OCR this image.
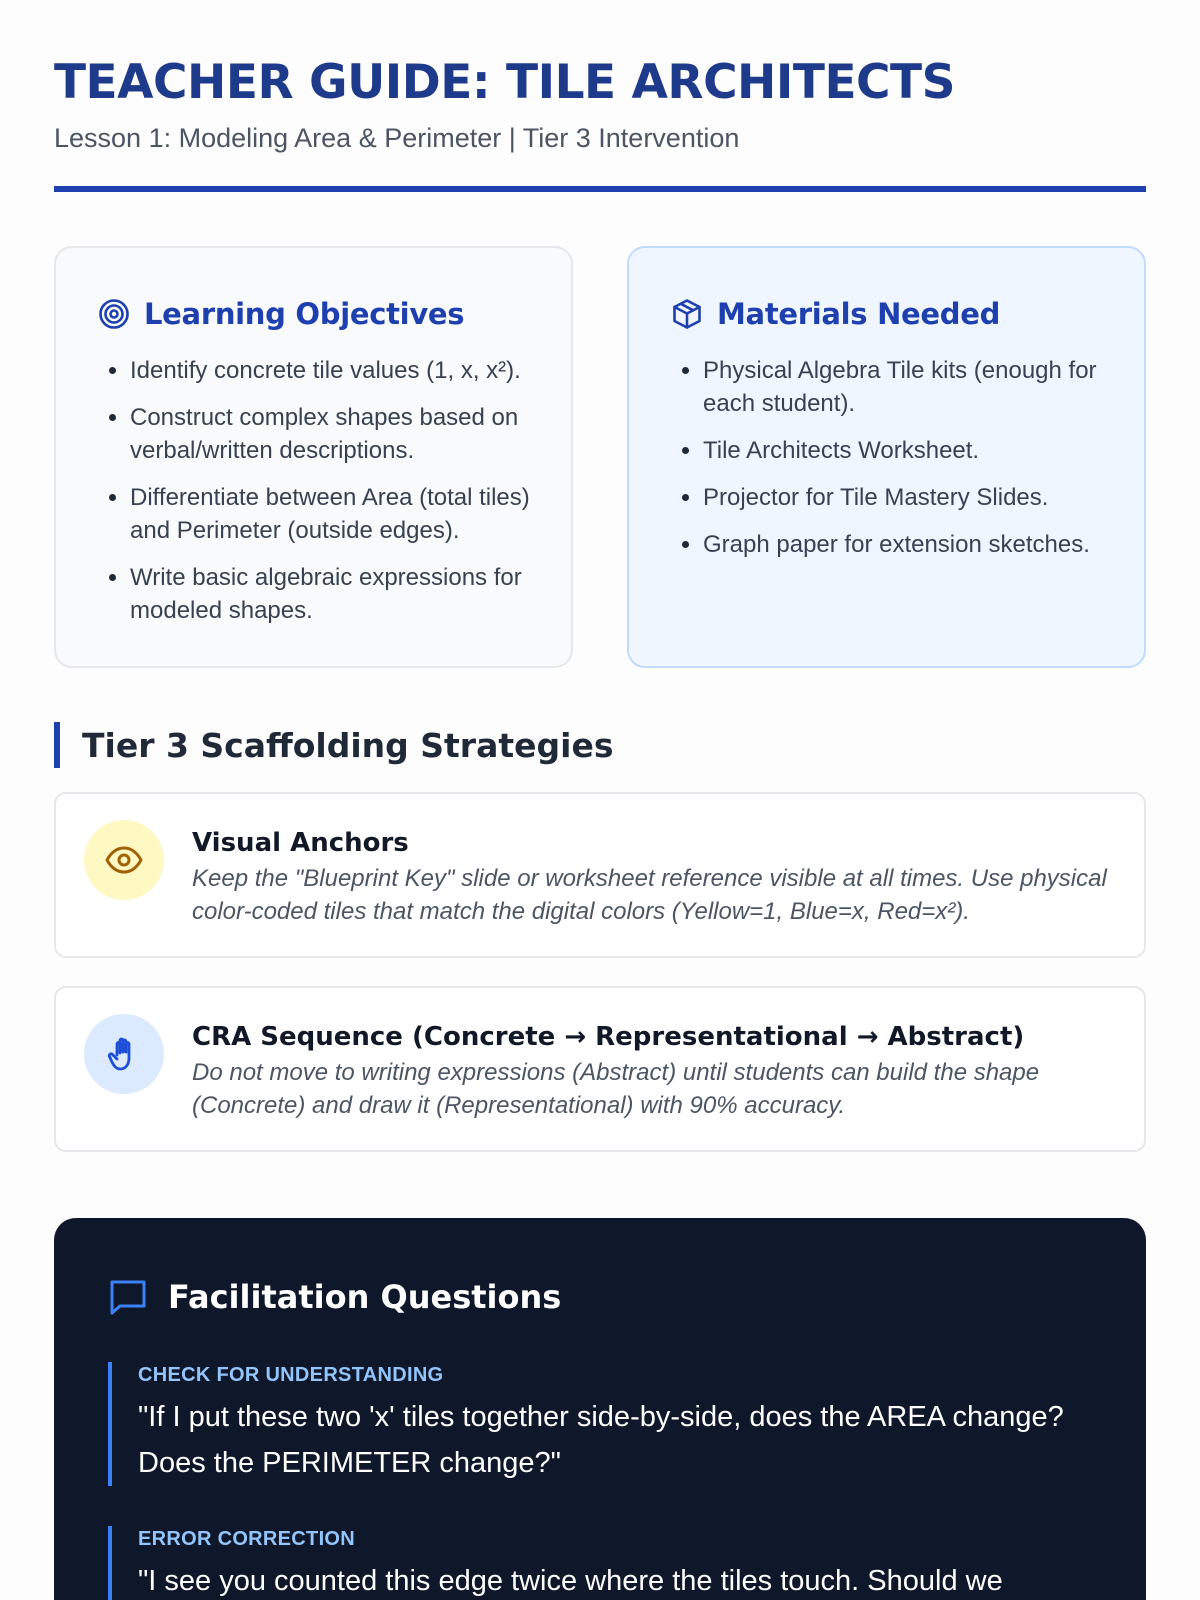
TEACHER GUIDE: TILE ARCHITECTS
Lesson 1: Modeling Area & Perimeter | Tier 3 Intervention
Learning Objectives
• Identify concrete tile values (1, x, x²).
• Construct complex shapes based on verbal/written descriptions.
• Differentiate between Area (total tiles) and Perimeter (outside edges).
• Write basic algebraic expressions for modeled shapes.
Materials Needed
• Physical Algebra Tile kits (enough for each student).
• Tile Architects Worksheet.
• Projector for Tile Mastery Slides.
• Graph paper for extension sketches.
Tier 3 Scaffolding Strategies
Visual Anchors
Keep the "Blueprint Key" slide or worksheet reference visible at all times. Use physical color-coded tiles that match the digital colors (Yellow=1, Blue=x, Red=x²).
CRA Sequence (Concrete → Representational → Abstract)
Do not move to writing expressions (Abstract) until students can build the shape (Concrete) and draw it (Representational) with 90% accuracy.
Facilitation Questions
CHECK FOR UNDERSTANDING
"If I put these two 'x' tiles together side-by-side, does the AREA change? Does the PERIMETER change?"
ERROR CORRECTION
"I see you counted this edge twice where the tiles touch. Should we
